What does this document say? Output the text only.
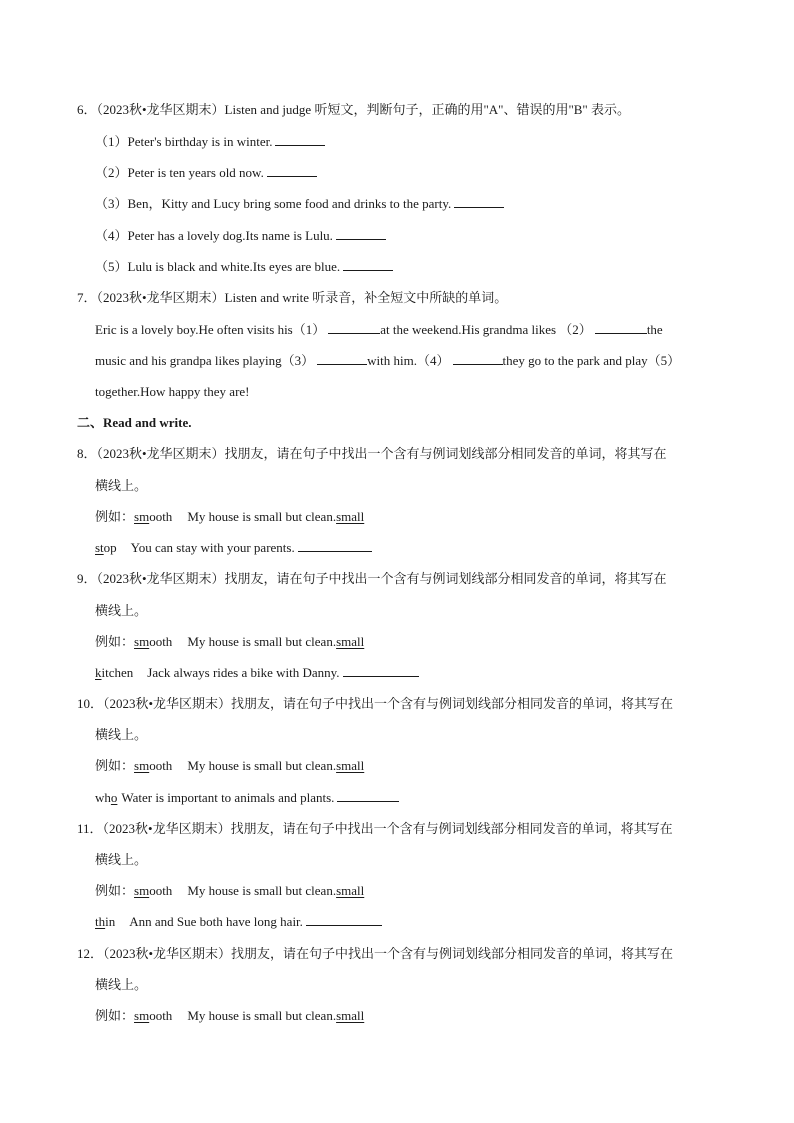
6．（2023秋•龙华区期末）Listen and judge 听短文，判断句子，正确的用"A"、错误的用"B" 表示。
（1）Peter's birthday is in winter.
（2）Peter is ten years old now.
（3）Ben，Kitty and Lucy bring some food and drinks to the party.
（4）Peter has a lovely dog.Its name is Lulu.
（5）Lulu is black and white.Its eyes are blue.
7．（2023秋•龙华区期末）Listen and write 听录音，补全短文中所缺的单词。
Eric is a lovely boy.He often visits his（1）	at the weekend.His grandma likes （2）	the
music and his grandpa likes playing（3）	with him.（4）	they go to the park and play（5）
together.How happy they are!
二、Read and write.
8．（2023秋•龙华区期末）找朋友，请在句子中找出一个含有与例词划线部分相同发音的单词，将其写在
横线上。
例如：smooth My house is small but clean.small
stop You can stay with your parents.
9．（2023秋•龙华区期末）找朋友，请在句子中找出一个含有与例词划线部分相同发音的单词，将其写在
横线上。
例如：smooth My house is small but clean.small
kitchen Jack always rides a bike with Danny.
10．（2023秋•龙华区期末）找朋友，请在句子中找出一个含有与例词划线部分相同发音的单词，将其写在
横线上。
例如：smooth My house is small but clean.small
who Water is important to animals and plants.
11．（2023秋•龙华区期末）找朋友，请在句子中找出一个含有与例词划线部分相同发音的单词，将其写在
横线上。
例如：smooth My house is small but clean.small
thin Ann and Sue both have long hair.
12．（2023秋•龙华区期末）找朋友，请在句子中找出一个含有与例词划线部分相同发音的单词，将其写在
横线上。
例如：smooth My house is small but clean.small
